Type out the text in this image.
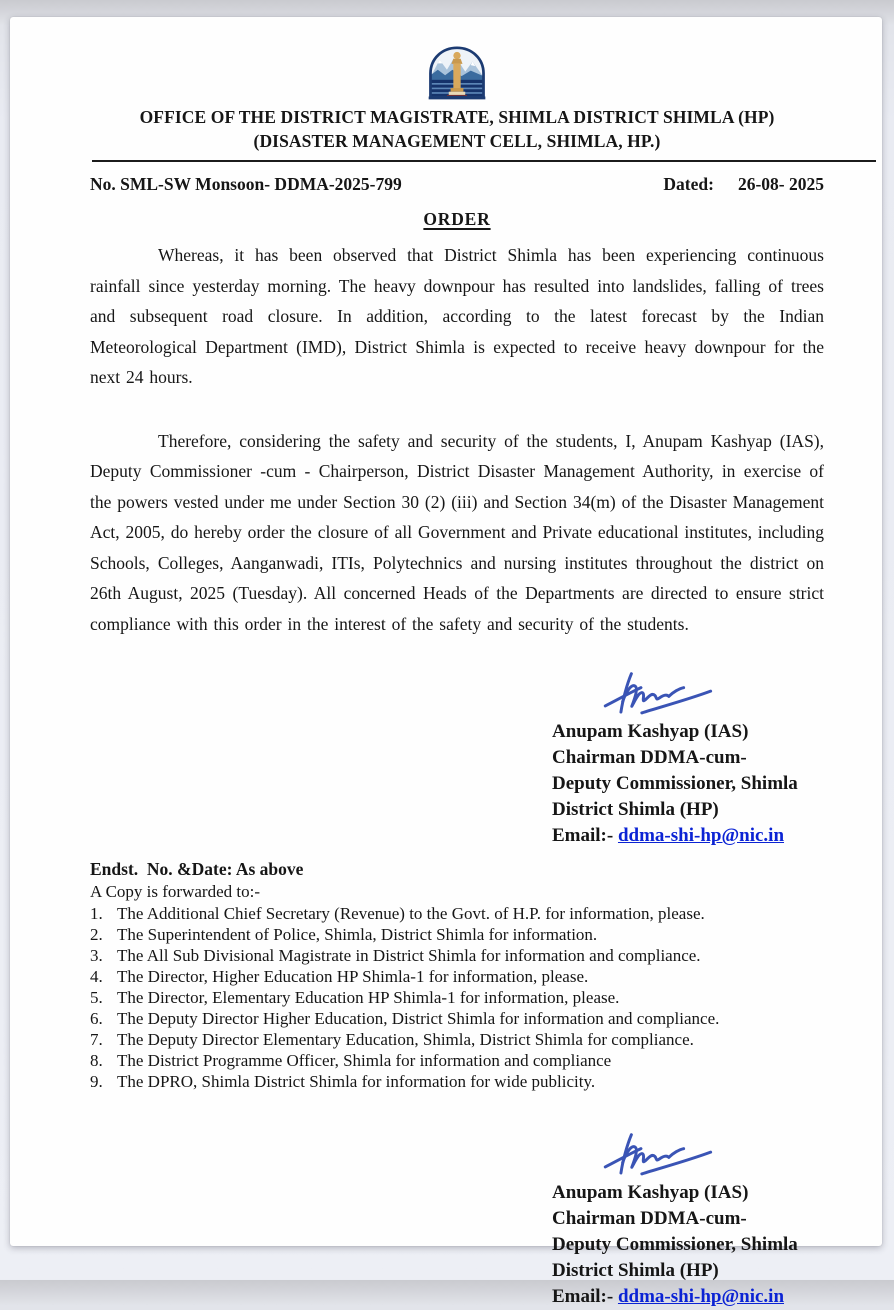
OFFICE OF THE DISTRICT MAGISTRATE, SHIMLA DISTRICT SHIMLA (HP)
(DISASTER MANAGEMENT CELL, SHIMLA, HP.)
No. SML-SW Monsoon- DDMA-2025-799	Dated: 26-08- 2025
ORDER

Whereas, it has been observed that District Shimla has been experiencing continuous rainfall since yesterday morning. The heavy downpour has resulted into landslides, falling of trees and subsequent road closure. In addition, according to the latest forecast by the Indian Meteorological Department (IMD), District Shimla is expected to receive heavy downpour for the next 24 hours.

Therefore, considering the safety and security of the students, I, Anupam Kashyap (IAS), Deputy Commissioner -cum - Chairperson, District Disaster Management Authority, in exercise of the powers vested under me under Section 30 (2) (iii) and Section 34(m) of the Disaster Management Act, 2005, do hereby order the closure of all Government and Private educational institutes, including Schools, Colleges, Aanganwadi, ITIs, Polytechnics and nursing institutes throughout the district on 26th August, 2025 (Tuesday). All concerned Heads of the Departments are directed to ensure strict compliance with this order in the interest of the safety and security of the students.

Anupam Kashyap (IAS)
Chairman DDMA-cum-
Deputy Commissioner, Shimla
District Shimla (HP)
Email:- ddma-shi-hp@nic.in
Endst.  No. &Date: As above
A Copy is forwarded to:-
1. The Additional Chief Secretary (Revenue) to the Govt. of H.P. for information, please.
2. The Superintendent of Police, Shimla, District Shimla for information.
3. The All Sub Divisional Magistrate in District Shimla for information and compliance.
4. The Director, Higher Education HP Shimla-1 for information, please.
5. The Director, Elementary Education HP Shimla-1 for information, please.
6. The Deputy Director Higher Education, District Shimla for information and compliance.
7. The Deputy Director Elementary Education, Shimla, District Shimla for compliance.
8. The District Programme Officer, Shimla for information and compliance
9. The DPRO, Shimla District Shimla for information for wide publicity.
Anupam Kashyap (IAS)
Chairman DDMA-cum-
Deputy Commissioner, Shimla
District Shimla (HP)
Email:- ddma-shi-hp@nic.in
